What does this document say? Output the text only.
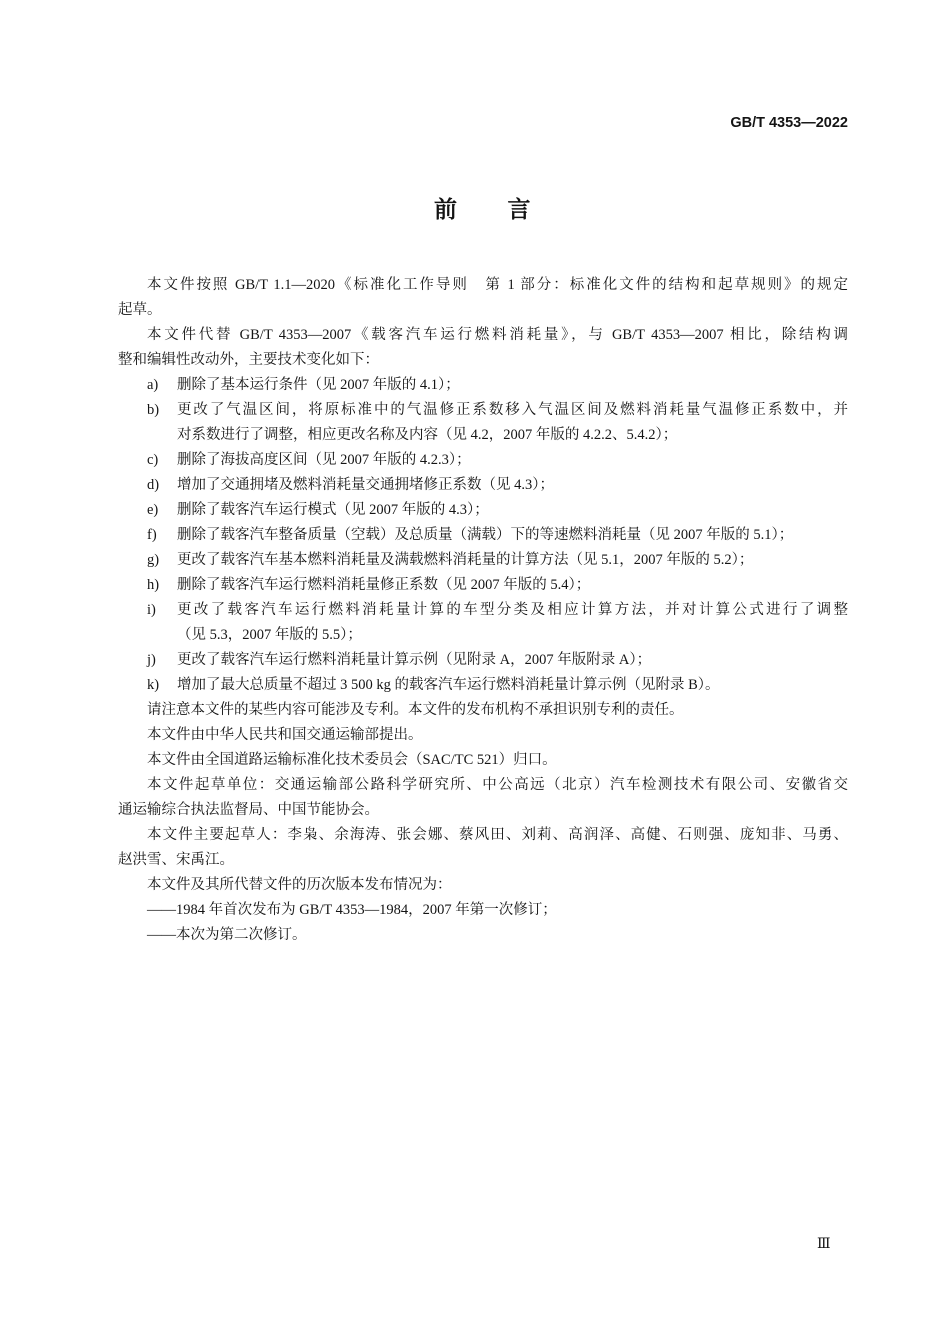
GB/T 4353—2022
前　　言
本文件按照 GB/T 1.1—2020《标准化工作导则　第 1 部分：标准化文件的结构和起草规则》的规定
起草。
本文件代替 GB/T 4353—2007《载客汽车运行燃料消耗量》，与 GB/T 4353—2007 相比，除结构调
整和编辑性改动外，主要技术变化如下：
a) 删除了基本运行条件（见 2007 年版的 4.1）；
b) 更改了气温区间，将原标准中的气温修正系数移入气温区间及燃料消耗量气温修正系数中，并
对系数进行了调整，相应更改名称及内容（见 4.2，2007 年版的 4.2.2、5.4.2）；
c) 删除了海拔高度区间（见 2007 年版的 4.2.3）；
d) 增加了交通拥堵及燃料消耗量交通拥堵修正系数（见 4.3）；
e) 删除了载客汽车运行模式（见 2007 年版的 4.3）；
f) 删除了载客汽车整备质量（空载）及总质量（满载）下的等速燃料消耗量（见 2007 年版的 5.1）；
g) 更改了载客汽车基本燃料消耗量及满载燃料消耗量的计算方法（见 5.1，2007 年版的 5.2）；
h) 删除了载客汽车运行燃料消耗量修正系数（见 2007 年版的 5.4）；
i) 更改了载客汽车运行燃料消耗量计算的车型分类及相应计算方法，并对计算公式进行了调整
（见 5.3，2007 年版的 5.5）；
j) 更改了载客汽车运行燃料消耗量计算示例（见附录 A，2007 年版附录 A）；
k) 增加了最大总质量不超过 3 500 kg 的载客汽车运行燃料消耗量计算示例（见附录 B）。
请注意本文件的某些内容可能涉及专利。本文件的发布机构不承担识别专利的责任。
本文件由中华人民共和国交通运输部提出。
本文件由全国道路运输标准化技术委员会（SAC/TC 521）归口。
本文件起草单位：交通运输部公路科学研究所、中公高远（北京）汽车检测技术有限公司、安徽省交
通运输综合执法监督局、中国节能协会。
本文件主要起草人：李枭、余海涛、张会娜、蔡风田、刘莉、高润泽、高健、石则强、庞知非、马勇、
赵洪雪、宋禹江。
本文件及其所代替文件的历次版本发布情况为：
——1984 年首次发布为 GB/T 4353—1984，2007 年第一次修订；
——本次为第二次修订。
Ⅲ
